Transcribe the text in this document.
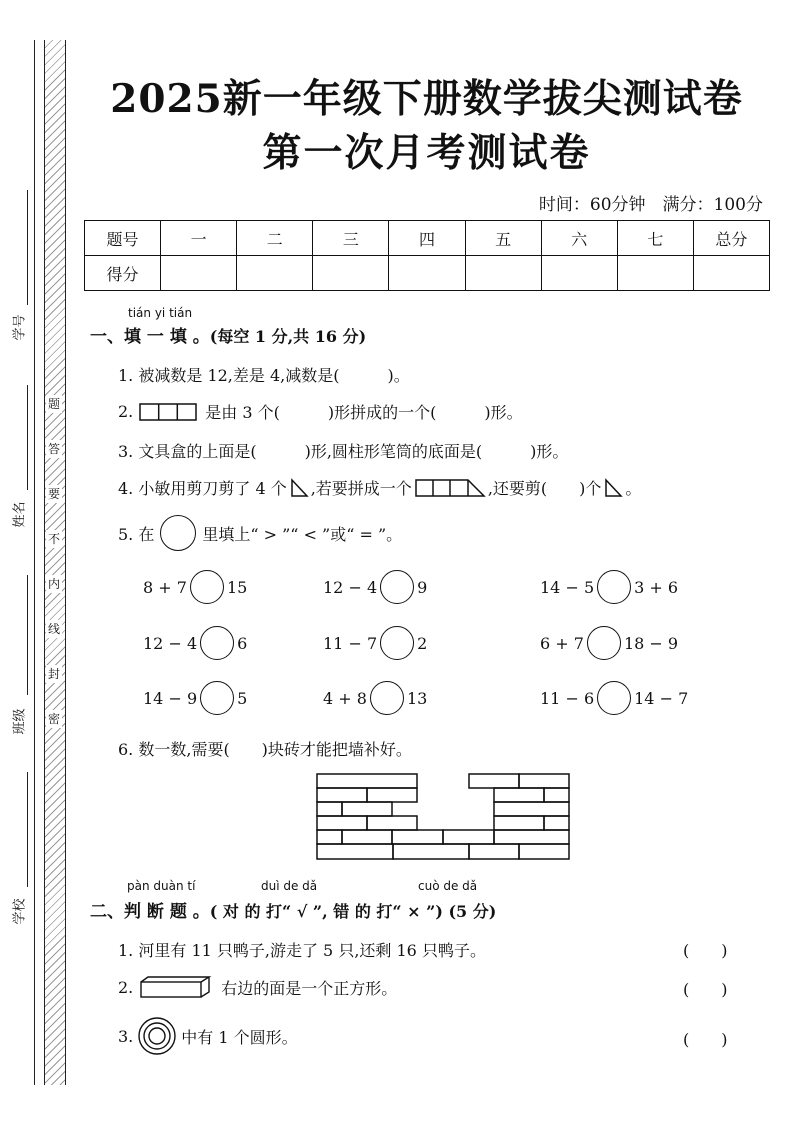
题
答
要
不
内
线
封
密
学号
姓名
班级
学校
2025新一年级下册数学拔尖测试卷
第一次月考测试卷
时间：60分钟　满分：100分
题号	一	二	三	四	五	六	七	总分
得分								
tián yi tián
一、填 一 填 。(每空 1 分,共 16 分)
1. 被减数是 12,差是 4,减数是(　　　)。
2.	是由 3 个(　　　)形拼成的一个(　　　)形。
3. 文具盒的上面是(　　　)形,圆柱形笔筒的底面是(　　　)形。
4. 小敏用剪刀剪了 4 个 ,若要拼成一个	,还要剪(　　)个 。
5. 在	里填上“ > ”“ < ”或“ = ”。
8 + 7	15	12 − 4	9	14 − 5	3 + 6
12 − 4	6	11 − 7	2	6 + 7	18 − 9
14 − 9	5	4 + 8	13	11 − 6	14 − 7
6. 数一数,需要(　　)块砖才能把墙补好。
pàn duàn tí	duì de dǎ	cuò de dǎ
二、判 断 题 。( 对 的 打“ √ ”, 错 的 打“ × ”) (5 分)
1. 河里有 11 只鸭子,游走了 5 只,还剩 16 只鸭子。	(　　)
2.	右边的面是一个正方形。	(　　)
3.	中有 1 个圆形。	(　　)
